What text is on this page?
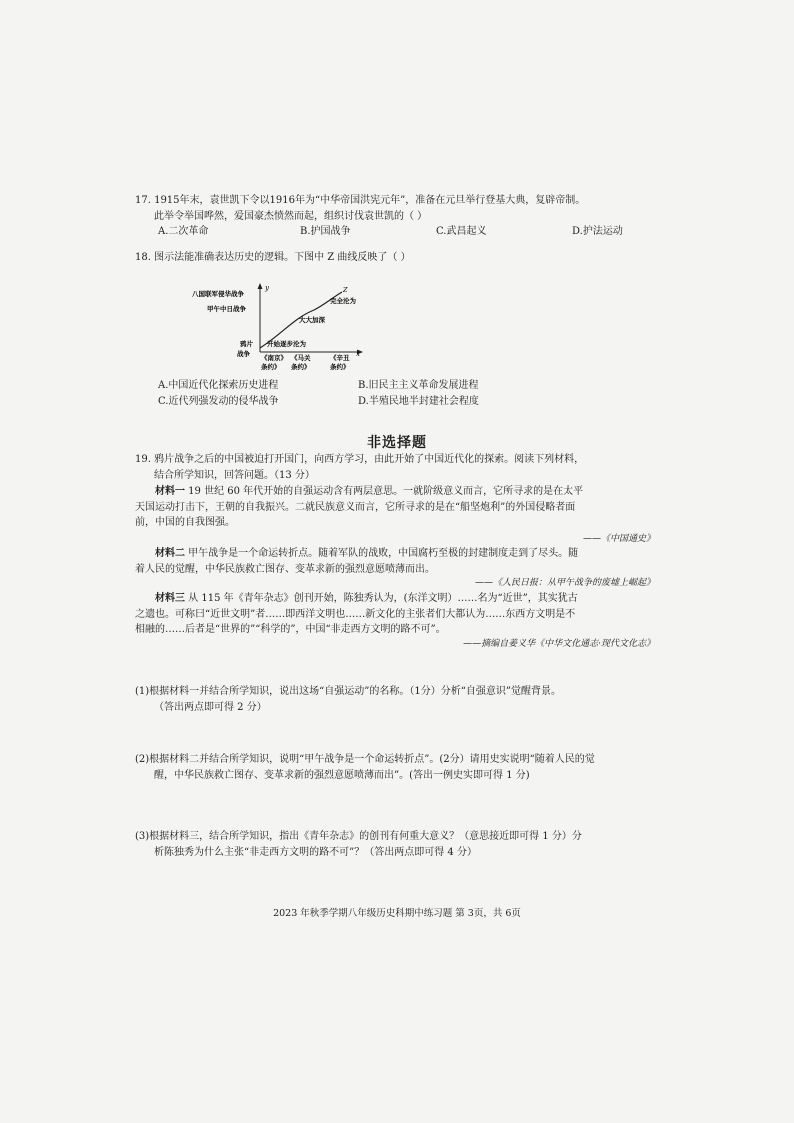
17. 1915年末，袁世凯下令以1916年为“中华帝国洪宪元年”，准备在元旦举行登基大典，复辟帝制。

此举令举国哗然，爱国豪杰愤然而起，组织讨伐袁世凯的（ ）

A.二次革命	B.护国战争	C.武昌起义	D.护法运动

18. 图示法能准确表达历史的逻辑。下图中 Z 曲线反映了（ ）

y
x
八国联军侵华战争
甲午中日战争
鸦片
战争
Z
开始逐步沦为
大大加深
完全沦为
《南京》 《马关
条约》 条约》
《辛丑
条约》
A.中国近代化探索历史进程	B.旧民主主义革命发展进程
C.近代列强发动的侵华战争	D.半殖民地半封建社会程度
非选择题

19. 鸦片战争之后的中国被迫打开国门，向西方学习，由此开始了中国近代化的探索。阅读下列材料，

结合所学知识，回答问题。（13 分）

材料一 19 世纪 60 年代开始的自强运动含有两层意思。一就阶级意义而言，它所寻求的是在太平

天国运动打击下，王朝的自我振兴。二就民族意义而言，它所寻求的是在“船坚炮利”的外国侵略者面

前，中国的自我图强。

——《中国通史》

材料二 甲午战争是一个命运转折点。随着军队的战败，中国腐朽至极的封建制度走到了尽头。随

着人民的觉醒，中华民族救亡图存、变革求新的强烈意愿喷薄而出。

——《人民日报：从甲午战争的废墟上崛起》

材料三 从 115 年《青年杂志》创刊开始，陈独秀认为，(东洋文明）……名为“近世”，其实犹古

之遗也。可称曰“近世文明”者……即西洋文明也……新文化的主张者们大都认为……东西方文明是不

相融的……后者是“世界的”“科学的”，中国“非走西方文明的路不可”。

——摘编自姜义华《中华文化通志·现代文化志》

(1)根据材料一并结合所学知识，说出这场“自强运动”的名称。（1分）分析“自强意识”觉醒背景。

（答出两点即可得 2 分）

(2)根据材料二并结合所学知识，说明“甲午战争是一个命运转折点”。(2分）请用史实说明“随着人民的觉

醒，中华民族救亡图存、变革求新的强烈意愿喷薄而出”。(答出一例史实即可得 1 分)

(3)根据材料三，结合所学知识，指出《青年杂志》的创刊有何重大意义？（意思接近即可得 1 分）分

析陈独秀为什么主张“非走西方文明的路不可”？（答出两点即可得 4 分）

2023 年秋季学期八年级历史科期中练习题 第 3页，共 6页
